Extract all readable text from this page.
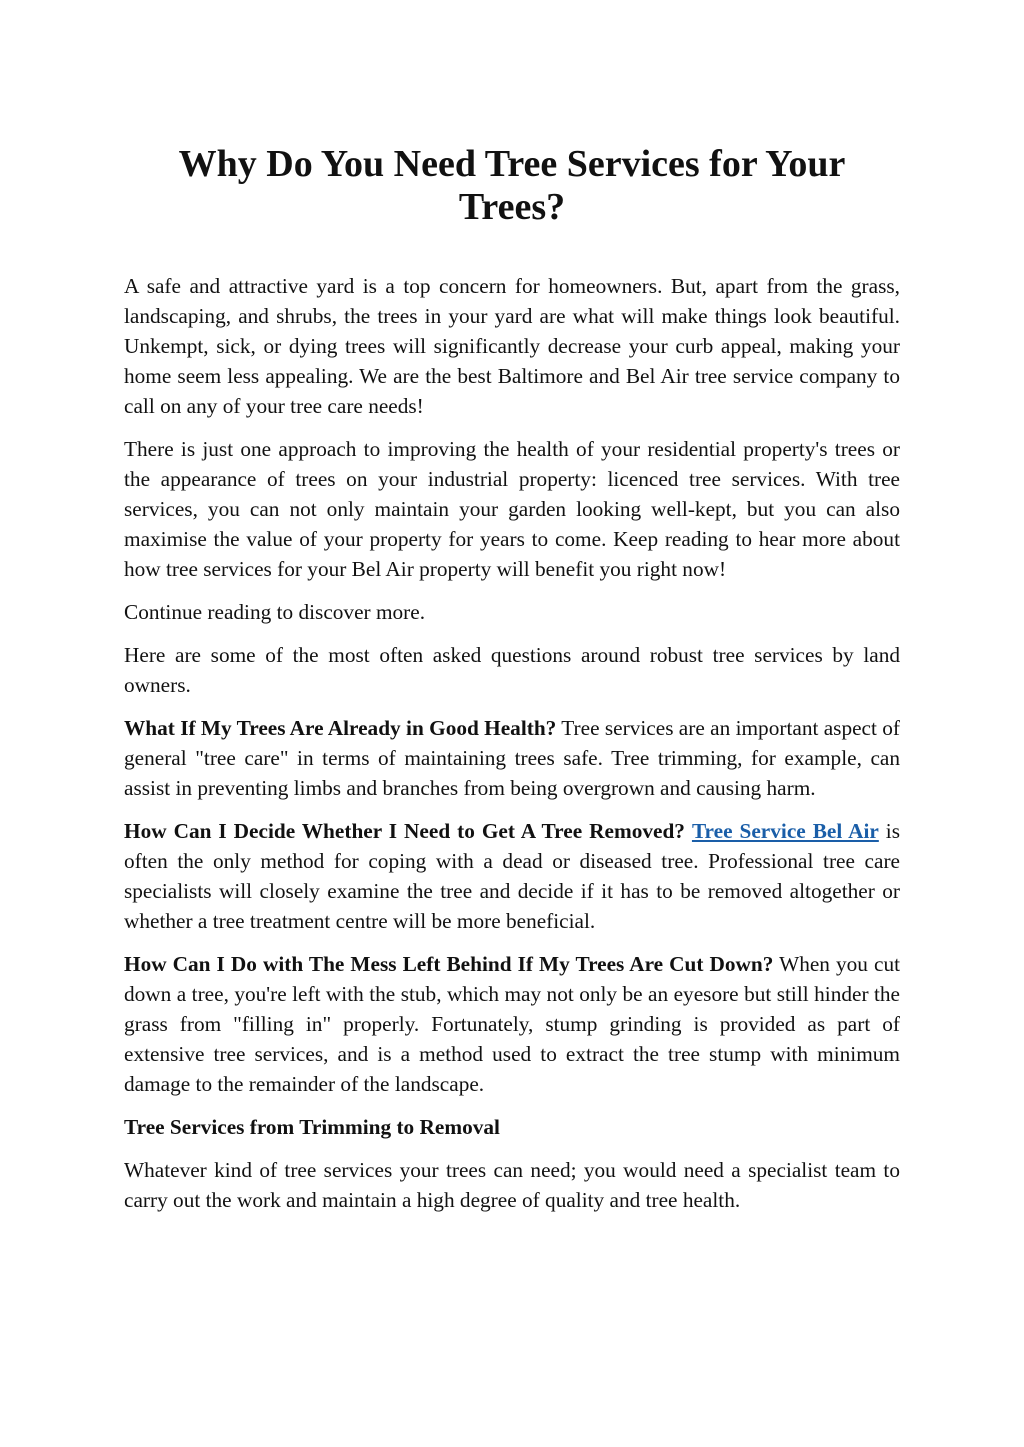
Why Do You Need Tree Services for Your Trees?

A safe and attractive yard is a top concern for homeowners. But, apart from the grass, landscaping, and shrubs, the trees in your yard are what will make things look beautiful. Unkempt, sick, or dying trees will significantly decrease your curb appeal, making your home seem less appealing. We are the best Baltimore and Bel Air tree service company to call on any of your tree care needs!

There is just one approach to improving the health of your residential property's trees or the appearance of trees on your industrial property: licenced tree services. With tree services, you can not only maintain your garden looking well-kept, but you can also maximise the value of your property for years to come. Keep reading to hear more about how tree services for your Bel Air property will benefit you right now!

Continue reading to discover more.

Here are some of the most often asked questions around robust tree services by land owners.

What If My Trees Are Already in Good Health? Tree services are an important aspect of general "tree care" in terms of maintaining trees safe. Tree trimming, for example, can assist in preventing limbs and branches from being overgrown and causing harm.

How Can I Decide Whether I Need to Get A Tree Removed? Tree Service Bel Air is often the only method for coping with a dead or diseased tree. Professional tree care specialists will closely examine the tree and decide if it has to be removed altogether or whether a tree treatment centre will be more beneficial.

How Can I Do with The Mess Left Behind If My Trees Are Cut Down? When you cut down a tree, you're left with the stub, which may not only be an eyesore but still hinder the grass from "filling in" properly. Fortunately, stump grinding is provided as part of extensive tree services, and is a method used to extract the tree stump with minimum damage to the remainder of the landscape.

Tree Services from Trimming to Removal

Whatever kind of tree services your trees can need; you would need a specialist team to carry out the work and maintain a high degree of quality and tree health.
